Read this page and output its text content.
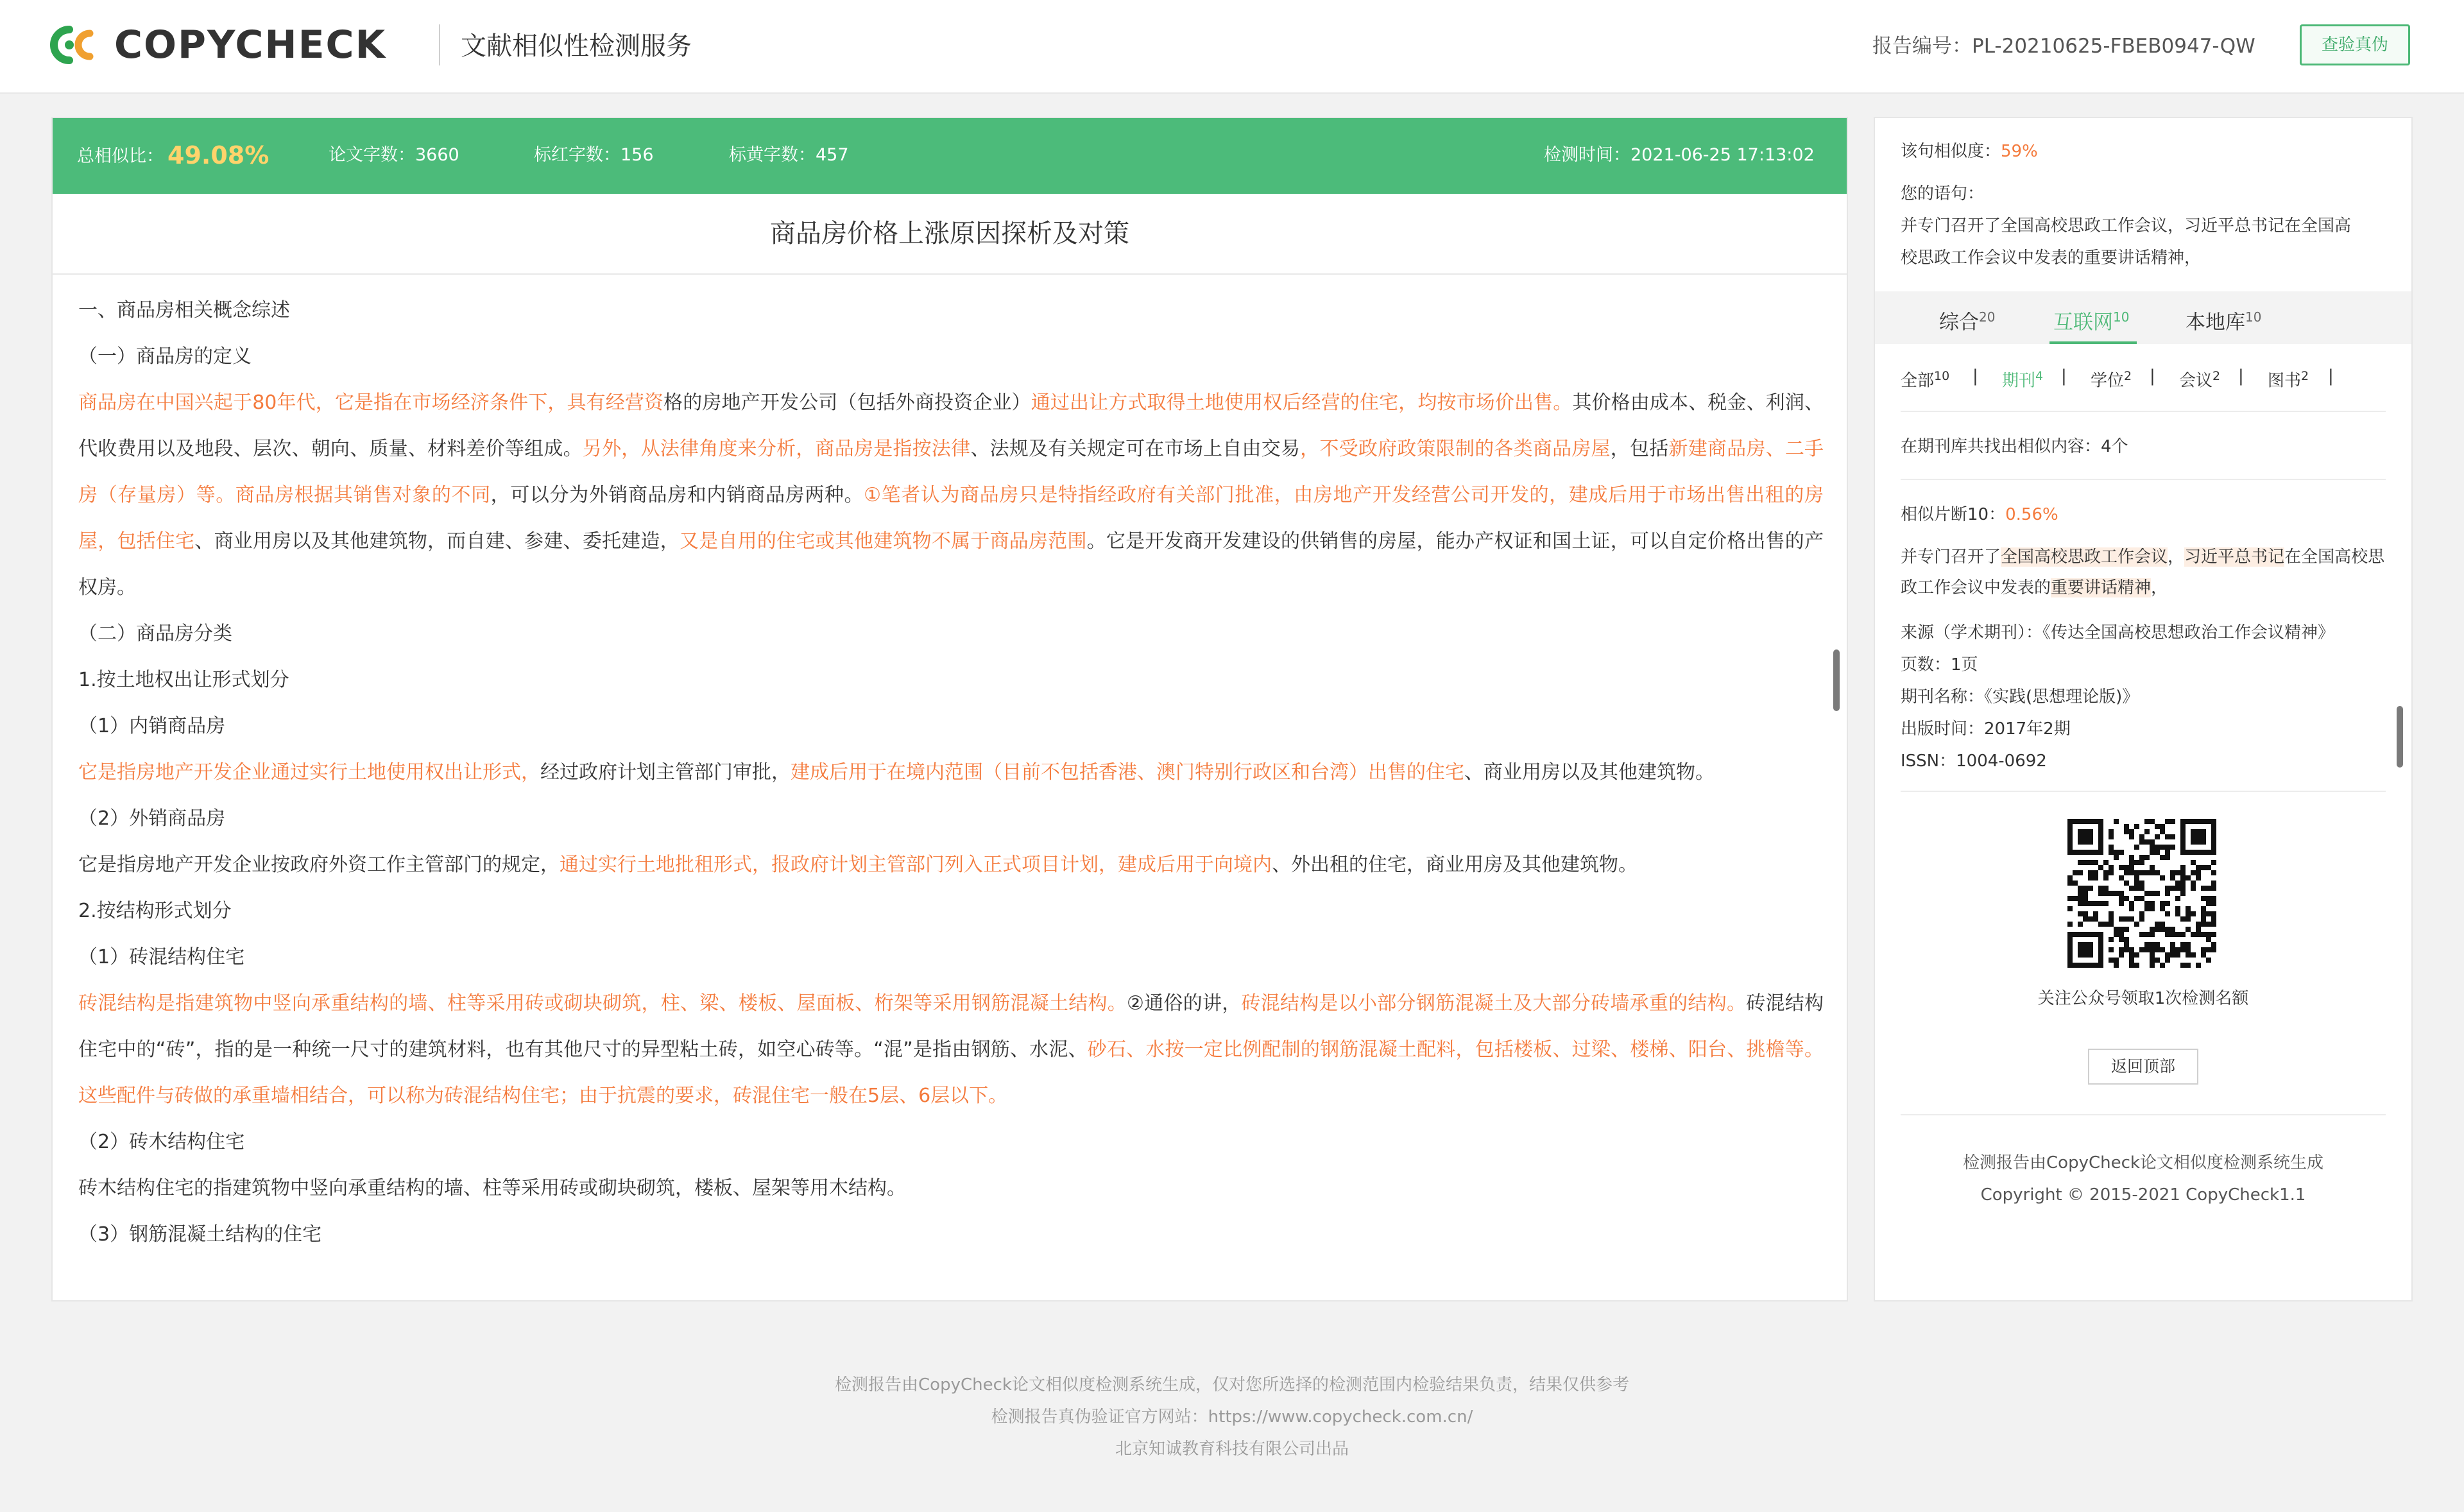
COPYCHECK	文献相似性检测服务	报告编号：PL-20210625-FBEB0947-QW	查验真伪
总相似比： 49.08%	论文字数：3660	标红字数：156	标黄字数：457	检测时间：2021-06-25 17:13:02
商品房价格上涨原因探析及对策

一、商品房相关概念综述

（一）商品房的定义

商品房在中国兴起于80年代，它是指在市场经济条件下，具有经营资格的房地产开发公司（包括外商投资企业）通过出让方式取得土地使用权后经营的住宅，均按市场价出售。其价格由成本、税金、利润、代收费用以及地段、层次、朝向、质量、材料差价等组成。另外，从法律角度来分析，商品房是指按法律、法规及有关规定可在市场上自由交易，不受政府政策限制的各类商品房屋，包括新建商品房、二手房（存量房）等。商品房根据其销售对象的不同，可以分为外销商品房和内销商品房两种。①笔者认为商品房只是特指经政府有关部门批准，由房地产开发经营公司开发的，建成后用于市场出售出租的房屋，包括住宅、商业用房以及其他建筑物，而自建、参建、委托建造，又是自用的住宅或其他建筑物不属于商品房范围。它是开发商开发建设的供销售的房屋，能办产权证和国土证，可以自定价格出售的产权房。

（二）商品房分类

1.按土地权出让形式划分

（1）内销商品房

它是指房地产开发企业通过实行土地使用权出让形式，经过政府计划主管部门审批，建成后用于在境内范围（目前不包括香港、澳门特别行政区和台湾）出售的住宅、商业用房以及其他建筑物。

（2）外销商品房

它是指房地产开发企业按政府外资工作主管部门的规定，通过实行土地批租形式，报政府计划主管部门列入正式项目计划，建成后用于向境内、外出租的住宅，商业用房及其他建筑物。

2.按结构形式划分

（1）砖混结构住宅

砖混结构是指建筑物中竖向承重结构的墙、柱等采用砖或砌块砌筑，柱、梁、楼板、屋面板、桁架等采用钢筋混凝土结构。②通俗的讲，砖混结构是以小部分钢筋混凝土及大部分砖墙承重的结构。砖混结构住宅中的“砖”，指的是一种统一尺寸的建筑材料，也有其他尺寸的异型粘土砖，如空心砖等。“混”是指由钢筋、水泥、砂石、水按一定比例配制的钢筋混凝土配料，包括楼板、过梁、楼梯、阳台、挑檐等。这些配件与砖做的承重墙相结合，可以称为砖混结构住宅；由于抗震的要求，砖混住宅一般在5层、6层以下。

（2）砖木结构住宅

砖木结构住宅的指建筑物中竖向承重结构的墙、柱等采用砖或砌块砌筑，楼板、屋架等用木结构。

（3）钢筋混凝土结构的住宅

该句相似度：59%
您的语句：
并专门召开了全国高校思政工作会议，习近平总书记在全国高
校思政工作会议中发表的重要讲话精神，
综合$^{20}$	互联网$^{10}$	本地库$^{10}$
全部$^{10}$ | 期刊$^4$ | 学位$^2$ | 会议$^2$ | 图书$^2$ |
在期刊库共找出相似内容：4个
相似片断10：0.56%
并专门召开了全国高校思政工作会议，习近平总书记在全国高校思政工作会议中发表的重要讲话精神，
来源（学术期刊）：《传达全国高校思想政治工作会议精神》
页数：1页
期刊名称：《实践(思想理论版)》
出版时间：2017年2期
ISSN：1004-0692
关注公众号领取1次检测名额
返回顶部
检测报告由CopyCheck论文相似度检测系统生成
Copyright © 2015-2021 CopyCheck1.1
检测报告由CopyCheck论文相似度检测系统生成，仅对您所选择的检测范围内检验结果负责，结果仅供参考
检测报告真伪验证官方网站：https://www.copycheck.com.cn/
北京知诚教育科技有限公司出品
